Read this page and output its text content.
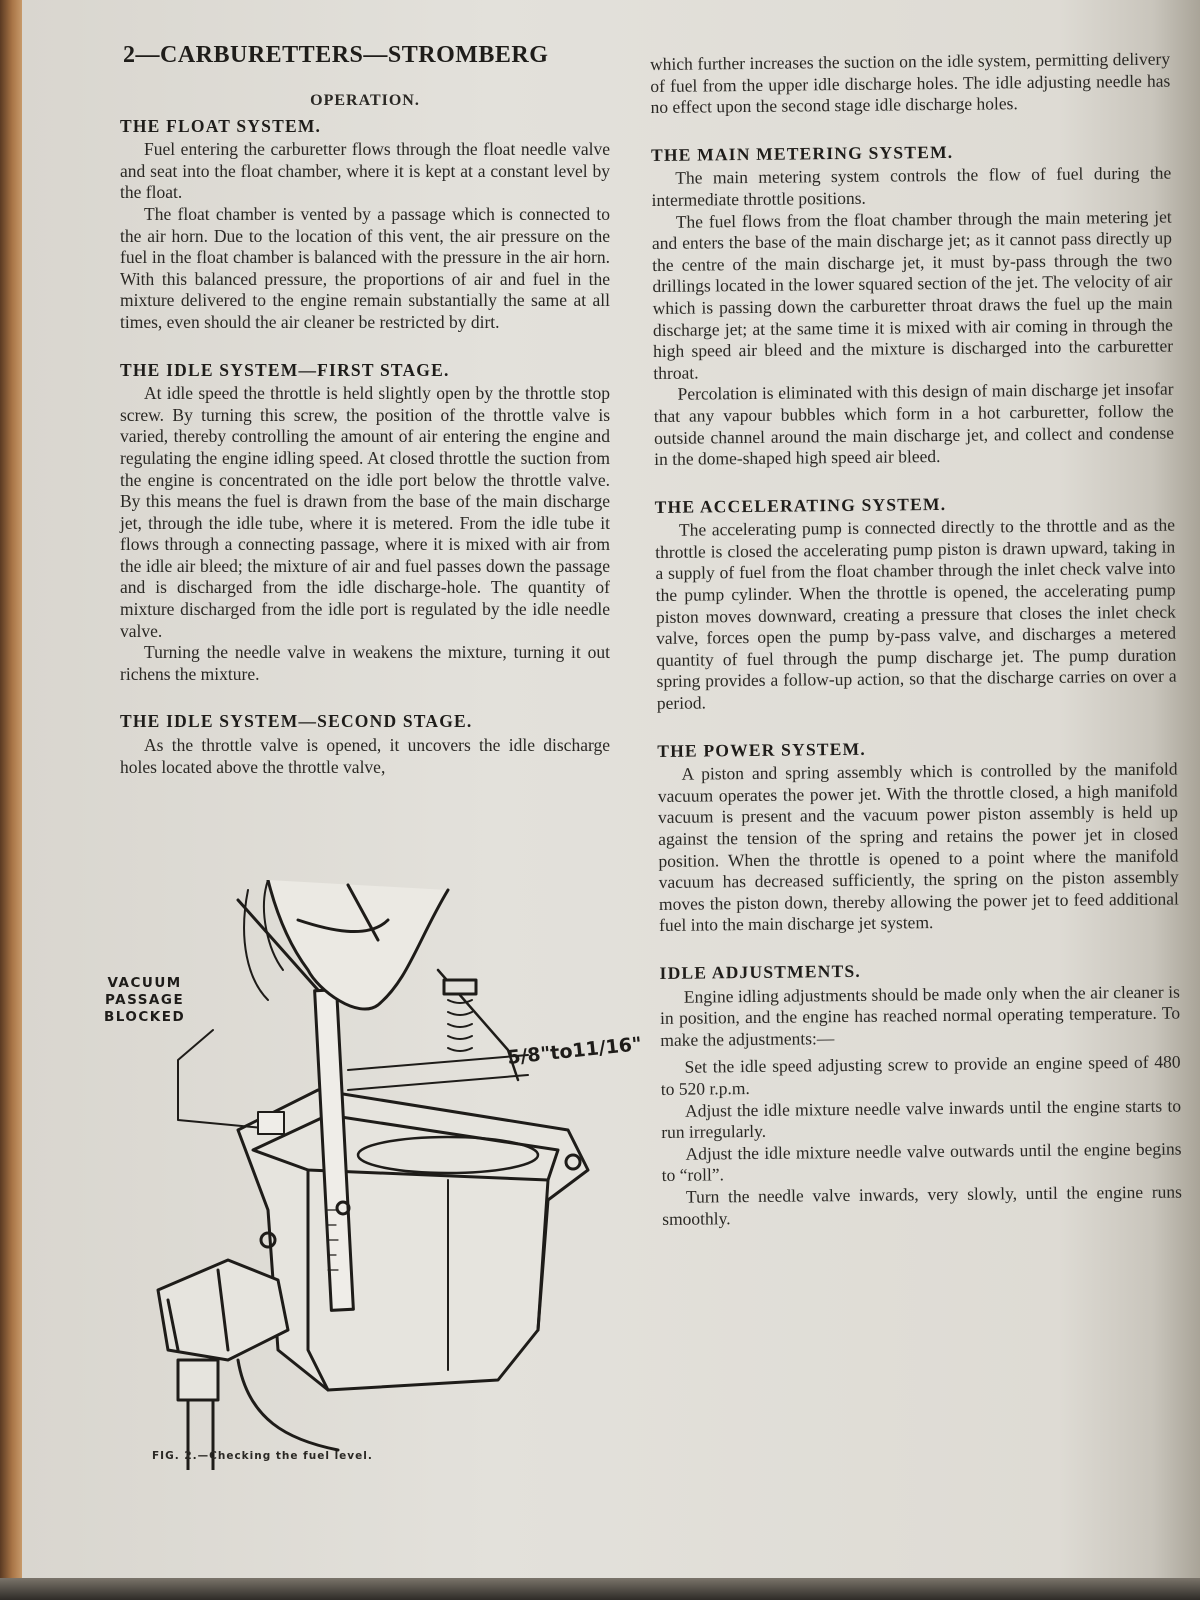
2—CARBURETTERS—STROMBERG
OPERATION.
THE FLOAT SYSTEM.

Fuel entering the carburetter flows through the float needle valve and seat into the float chamber, where it is kept at a constant level by the float.

The float chamber is vented by a passage which is connected to the air horn. Due to the location of this vent, the air pressure on the fuel in the float chamber is balanced with the pressure in the air horn. With this balanced pressure, the proportions of air and fuel in the mixture delivered to the engine remain substantially the same at all times, even should the air cleaner be restricted by dirt.

THE IDLE SYSTEM—FIRST STAGE.

At idle speed the throttle is held slightly open by the throttle stop screw. By turning this screw, the position of the throttle valve is varied, thereby controlling the amount of air entering the engine and regulating the engine idling speed. At closed throttle the suction from the engine is concentrated on the idle port below the throttle valve. By this means the fuel is drawn from the base of the main discharge jet, through the idle tube, where it is metered. From the idle tube it flows through a connecting passage, where it is mixed with air from the idle air bleed; the mixture of air and fuel passes down the passage and is discharged from the idle discharge-hole. The quantity of mixture discharged from the idle port is regulated by the idle needle valve.

Turning the needle valve in weakens the mixture, turning it out richens the mixture.

THE IDLE SYSTEM—SECOND STAGE.

As the throttle valve is opened, it uncovers the idle discharge holes located above the throttle valve,

VACUUM
PASSAGE
BLOCKED
5/8"to11/16"
FIG. 2.—Checking the fuel level.

which further increases the suction on the idle system, permitting delivery of fuel from the upper idle discharge holes. The idle adjusting needle has no effect upon the second stage idle discharge holes.

THE MAIN METERING SYSTEM.

The main metering system controls the flow of fuel during the intermediate throttle positions.

The fuel flows from the float chamber through the main metering jet and enters the base of the main discharge jet; as it cannot pass directly up the centre of the main discharge jet, it must by-pass through the two drillings located in the lower squared section of the jet. The velocity of air which is passing down the carburetter throat draws the fuel up the main discharge jet; at the same time it is mixed with air coming in through the high speed air bleed and the mixture is discharged into the carburetter throat.

Percolation is eliminated with this design of main discharge jet insofar that any vapour bubbles which form in a hot carburetter, follow the outside channel around the main discharge jet, and collect and condense in the dome-shaped high speed air bleed.

THE ACCELERATING SYSTEM.

The accelerating pump is connected directly to the throttle and as the throttle is closed the accelerating pump piston is drawn upward, taking in a supply of fuel from the float chamber through the inlet check valve into the pump cylinder. When the throttle is opened, the accelerating pump piston moves downward, creating a pressure that closes the inlet check valve, forces open the pump by-pass valve, and discharges a metered quantity of fuel through the pump discharge jet. The pump duration spring provides a follow-up action, so that the discharge carries on over a period.

THE POWER SYSTEM.

A piston and spring assembly which is controlled by the manifold vacuum operates the power jet. With the throttle closed, a high manifold vacuum is present and the vacuum power piston assembly is held up against the tension of the spring and retains the power jet in closed position. When the throttle is opened to a point where the manifold vacuum has decreased sufficiently, the spring on the piston assembly moves the piston down, thereby allowing the power jet to feed additional fuel into the main discharge jet system.

IDLE ADJUSTMENTS.

Engine idling adjustments should be made only when the air cleaner is in position, and the engine has reached normal operating temperature. To make the adjustments:—

Set the idle speed adjusting screw to provide an engine speed of 480 to 520 r.p.m.

Adjust the idle mixture needle valve inwards until the engine starts to run irregularly.

Adjust the idle mixture needle valve outwards until the engine begins to “roll”.

Turn the needle valve inwards, very slowly, until the engine runs smoothly.
